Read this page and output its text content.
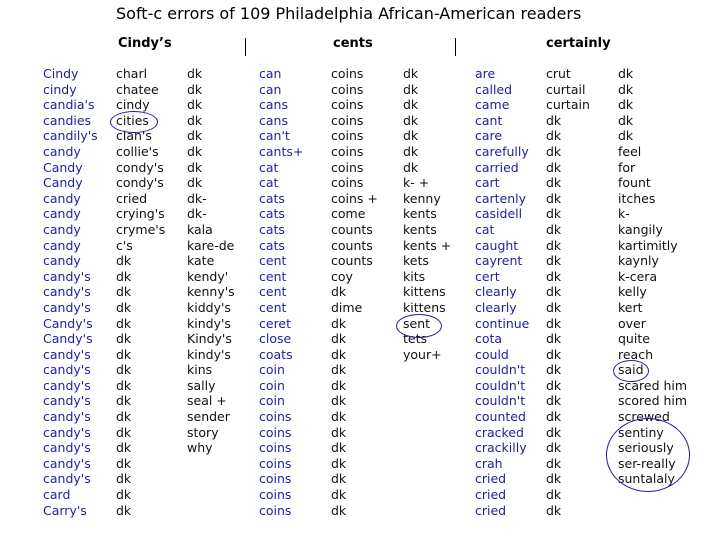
Soft-c errors of 109 Philadelphia African-American readers
Cindy’s	cents	certainly
Cindy
cindy
candia's
candies
candily's
candy
Candy
Candy
candy
candy
candy
candy
candy
candy's
candy's
candy's
Candy's
Candy's
candy's
candy's
candy's
candy's
candy's
candy's
candy's
candy's
candy's
card
Carry's
charl
chatee
cindy
cities
clan's
collie's
condy's
condy's
cried
crying's
cryme's
c's
dk
dk
dk
dk
dk
dk
dk
dk
dk
dk
dk
dk
dk
dk
dk
dk
dk
dk
dk
dk
dk
dk
dk
dk
dk
dk-
dk-
kala
kare-de
kate
kendy'
kenny's
kiddy's
kindy's
Kindy's
kindy's
kins
sally
seal +
sender
story
why
can
can
cans
cans
can't
cants+
cat
cat
cats
cats
cats
cats
cent
cent
cent
cent
ceret
close
coats
coin
coin
coin
coins
coins
coins
coins
coins
coins
coins
coins
coins
coins
coins
coins
coins
coins
coins
coins +
come
counts
counts
counts
coy
dk
dime
dk
dk
dk
dk
dk
dk
dk
dk
dk
dk
dk
dk
dk
dk
dk
dk
dk
dk
dk
dk
k- +
kenny
kents
kents
kents +
kets
kits
kittens
kittens
sent
tets
your+
are
called
came
cant
care
carefully
carried
cart
cartenly
casidell
cat
caught
cayrent
cert
clearly
clearly
continue
cota
could
couldn't
couldn't
couldn't
counted
cracked
crackilly
crah
cried
cried
cried
crut
curtail
curtain
dk
dk
dk
dk
dk
dk
dk
dk
dk
dk
dk
dk
dk
dk
dk
dk
dk
dk
dk
dk
dk
dk
dk
dk
dk
dk
dk
dk
dk
dk
dk
feel
for
fount
itches
k-
kangily
kartimitly
kaynly
k-cera
kelly
kert
over
quite
reach
said
scared him
scored him
screwed
sentiny
seriously
ser-really
suntalaly
